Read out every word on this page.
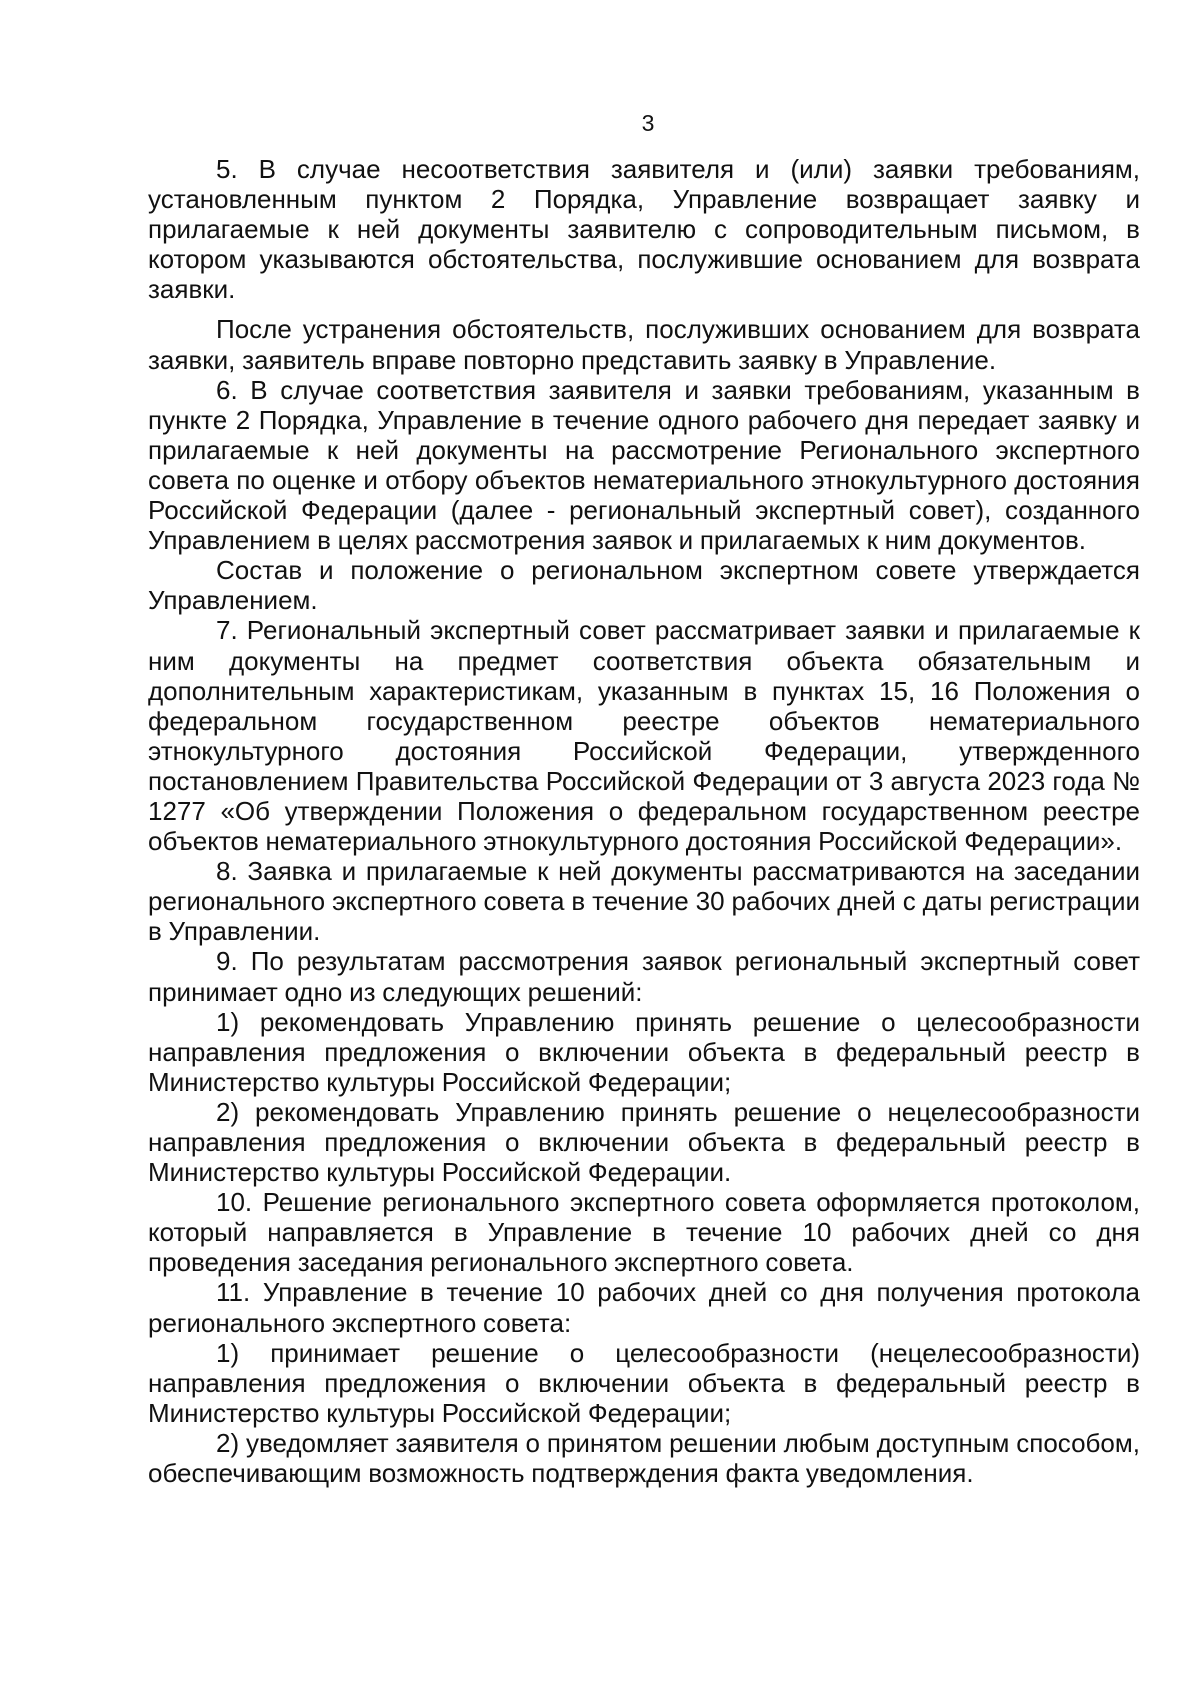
3

5. В случае несоответствия заявителя и (или) заявки требованиям, установленным пунктом 2 Порядка, Управление возвращает заявку и прилагаемые к ней документы заявителю с сопроводительным письмом, в котором указываются обстоятельства, послужившие основанием для возврата заявки.

После устранения обстоятельств, послуживших основанием для возврата заявки, заявитель вправе повторно представить заявку в Управление.

6. В случае соответствия заявителя и заявки требованиям, указанным в пункте 2 Порядка, Управление в течение одного рабочего дня передает заявку и прилагаемые к ней документы на рассмотрение Регионального экспертного совета по оценке и отбору объектов нематериального этнокультурного достояния Российской Федерации (далее - региональный экспертный совет), созданного Управлением в целях рассмотрения заявок и прилагаемых к ним документов.

Состав и положение о региональном экспертном совете утверждается Управлением.

7. Региональный экспертный совет рассматривает заявки и прилагаемые к ним документы на предмет соответствия объекта обязательным и дополнительным характеристикам, указанным в пунктах 15, 16 Положения о федеральном государственном реестре объектов нематериального этнокультурного достояния Российской Федерации, утвержденного постановлением Правительства Российской Федерации от 3 августа 2023 года № 1277 «Об утверждении Положения о федеральном государственном реестре объектов нематериального этнокультурного достояния Российской Федерации».

8. Заявка и прилагаемые к ней документы рассматриваются на заседании регионального экспертного совета в течение 30 рабочих дней с даты регистрации в Управлении.

9. По результатам рассмотрения заявок региональный экспертный совет принимает одно из следующих решений:

1) рекомендовать Управлению принять решение о целесообразности направления предложения о включении объекта в федеральный реестр в Министерство культуры Российской Федерации;

2) рекомендовать Управлению принять решение о нецелесообразности направления предложения о включении объекта в федеральный реестр в Министерство культуры Российской Федерации.

10. Решение регионального экспертного совета оформляется протоколом, который направляется в Управление в течение 10 рабочих дней со дня проведения заседания регионального экспертного совета.

11. Управление в течение 10 рабочих дней со дня получения протокола регионального экспертного совета:

1) принимает решение о целесообразности (нецелесообразности) направления предложения о включении объекта в федеральный реестр в Министерство культуры Российской Федерации;

2) уведомляет заявителя о принятом решении любым доступным способом, обеспечивающим возможность подтверждения факта уведомления.
